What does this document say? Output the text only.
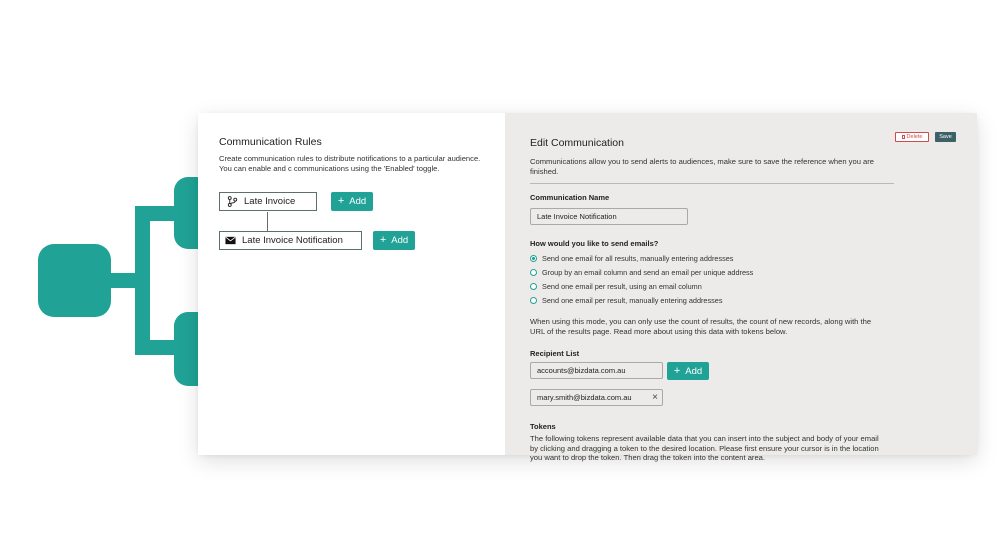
Communication Rules
Create communication rules to distribute notifications to a particular audience. You can enable and c communications using the 'Enabled' toggle.
Late Invoice	+ Add
Late Invoice Notification	+ Add
Edit Communication	Delete	Save
Communications allow you to send alerts to audiences, make sure to save the reference when you are finished.
Communication Name
Late Invoice Notification
How would you like to send emails?
Send one email for all results, manually entering addresses
Group by an email column and send an email per unique address
Send one email per result, using an email column
Send one email per result, manually entering addresses
When using this mode, you can only use the count of results, the count of new records, along with the URL of the results page. Read more about using this data with tokens below.
Recipient List
accounts@bizdata.com.au	+ Add
mary.smith@bizdata.com.au ×
Tokens
The following tokens represent available data that you can insert into the subject and body of your email by clicking and dragging a token to the desired location. Please first ensure your cursor is in the location you want to drop the token. Then drag the token into the content area.
